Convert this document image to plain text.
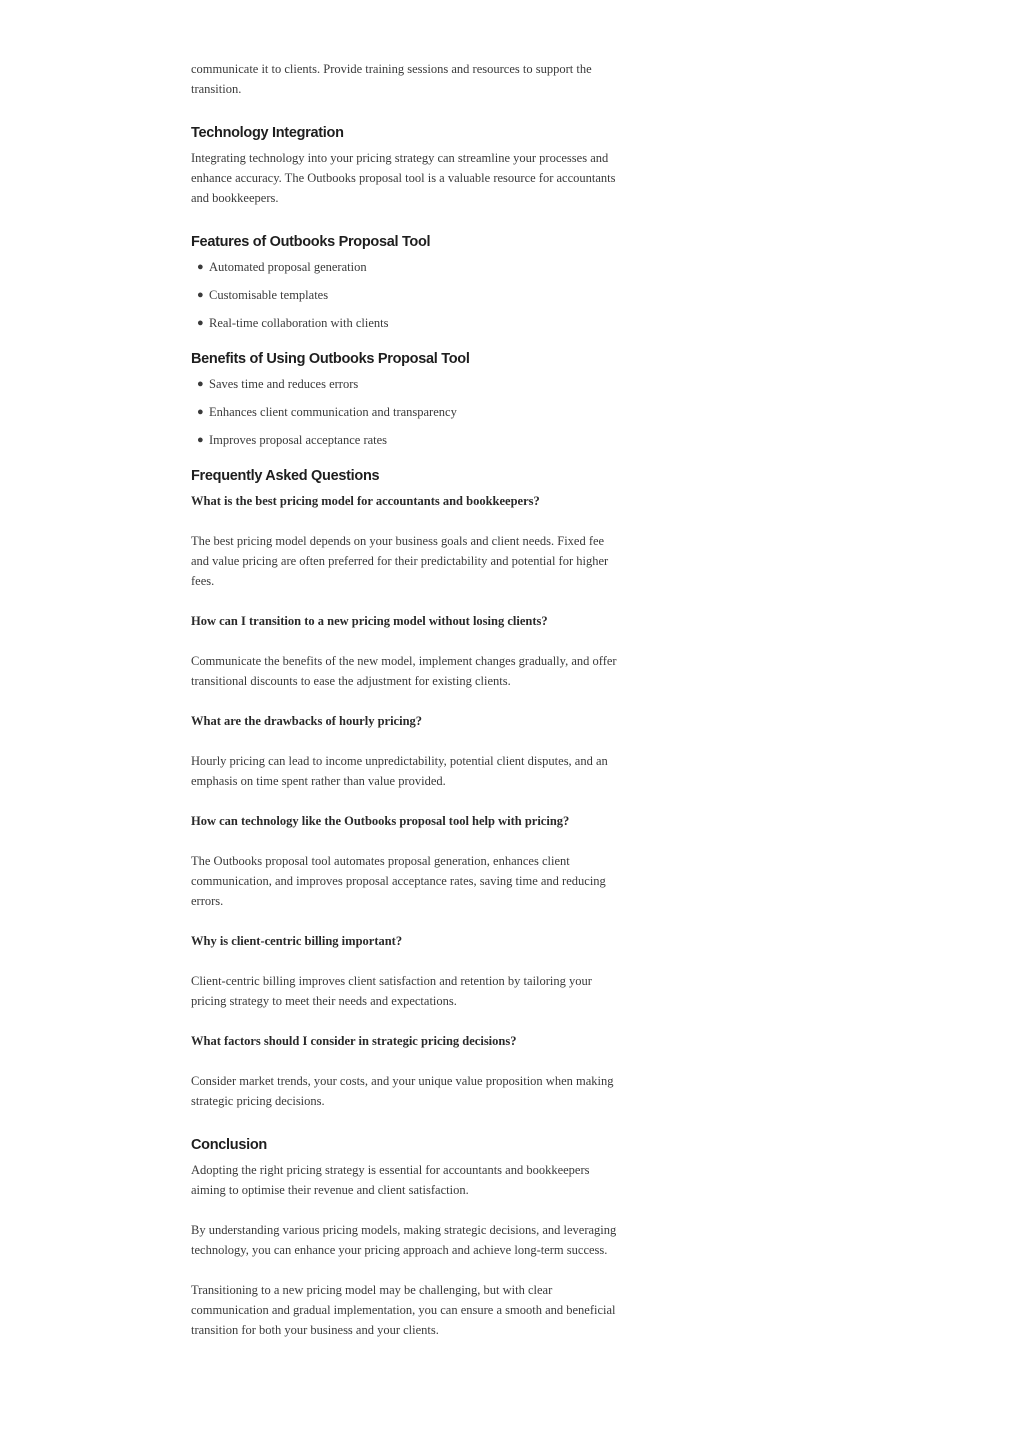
communicate it to clients. Provide training sessions and resources to support the transition.

Technology Integration

Integrating technology into your pricing strategy can streamline your processes and enhance accuracy. The Outbooks proposal tool is a valuable resource for accountants and bookkeepers.

Features of Outbooks Proposal Tool
● Automated proposal generation
● Customisable templates
● Real-time collaboration with clients
Benefits of Using Outbooks Proposal Tool
● Saves time and reduces errors
● Enhances client communication and transparency
● Improves proposal acceptance rates
Frequently Asked Questions

What is the best pricing model for accountants and bookkeepers?

The best pricing model depends on your business goals and client needs. Fixed fee and value pricing are often preferred for their predictability and potential for higher fees.

How can I transition to a new pricing model without losing clients?

Communicate the benefits of the new model, implement changes gradually, and offer transitional discounts to ease the adjustment for existing clients.

What are the drawbacks of hourly pricing?

Hourly pricing can lead to income unpredictability, potential client disputes, and an emphasis on time spent rather than value provided.

How can technology like the Outbooks proposal tool help with pricing?

The Outbooks proposal tool automates proposal generation, enhances client communication, and improves proposal acceptance rates, saving time and reducing errors.

Why is client-centric billing important?

Client-centric billing improves client satisfaction and retention by tailoring your pricing strategy to meet their needs and expectations.

What factors should I consider in strategic pricing decisions?

Consider market trends, your costs, and your unique value proposition when making strategic pricing decisions.

Conclusion

Adopting the right pricing strategy is essential for accountants and bookkeepers aiming to optimise their revenue and client satisfaction.

By understanding various pricing models, making strategic decisions, and leveraging technology, you can enhance your pricing approach and achieve long-term success.

Transitioning to a new pricing model may be challenging, but with clear communication and gradual implementation, you can ensure a smooth and beneficial transition for both your business and your clients.
